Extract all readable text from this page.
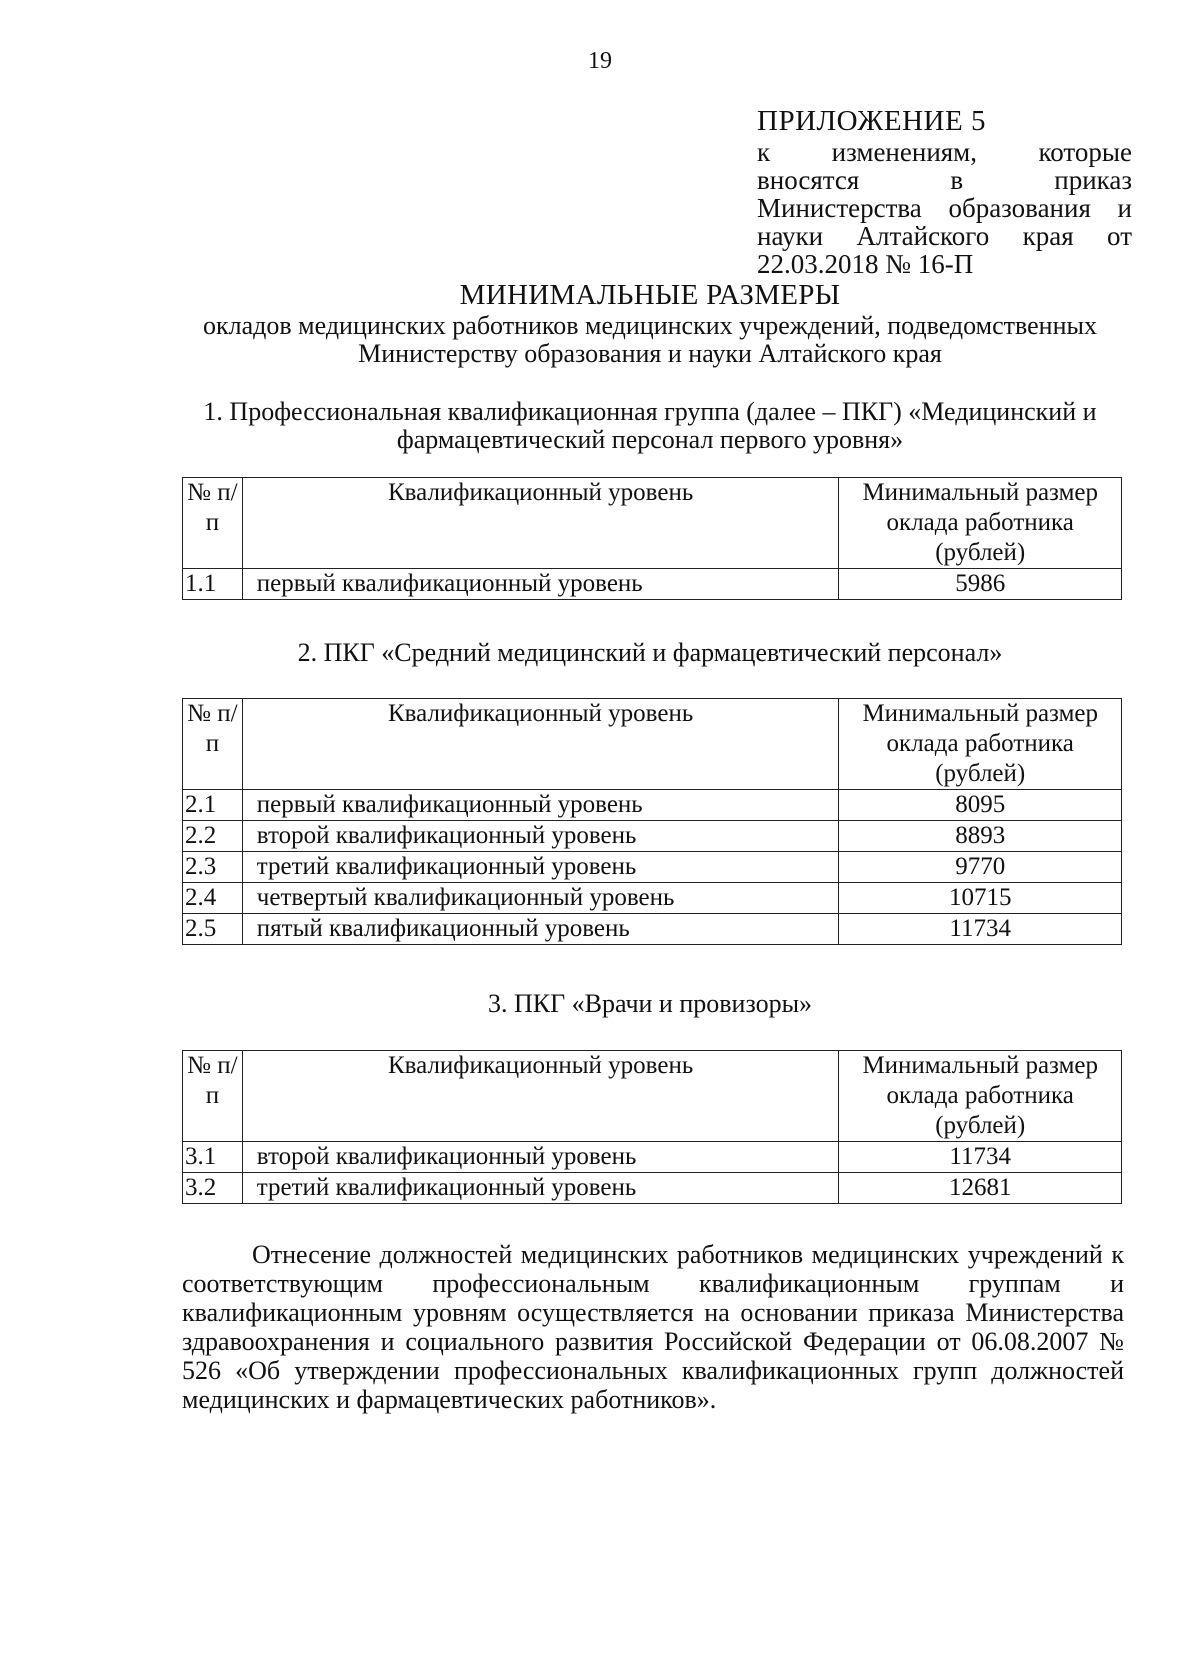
19
ПРИЛОЖЕНИЕ 5
к изменениям, которые
вносятся в приказ
Министерства образования и
науки Алтайского края от
22.03.2018 № 16-П
МИНИМАЛЬНЫЕ РАЗМЕРЫ
окладов медицинских работников медицинских учреждений, подведомственных Министерству образования и науки Алтайского края
1. Профессиональная квалификационная группа (далее – ПКГ) «Медицинский и фармацевтический персонал первого уровня»
№ п/п	Квалификационный уровень	Минимальный размер оклада работника (рублей)
1.1	первый квалификационный уровень	5986
2. ПКГ «Средний медицинский и фармацевтический персонал»
№ п/п	Квалификационный уровень	Минимальный размер оклада работника (рублей)
2.1	первый квалификационный уровень	8095
2.2	второй квалификационный уровень	8893
2.3	третий квалификационный уровень	9770
2.4	четвертый квалификационный уровень	10715
2.5	пятый квалификационный уровень	11734
3. ПКГ «Врачи и провизоры»
№ п/п	Квалификационный уровень	Минимальный размер оклада работника (рублей)
3.1	второй квалификационный уровень	11734
3.2	третий квалификационный уровень	12681
Отнесение должностей медицинских работников медицинских учреждений к соответствующим профессиональным квалификационным группам и квалификационным уровням осуществляется на основании приказа Министерства здравоохранения и социального развития Российской Федерации от 06.08.2007 № 526 «Об утверждении профессиональных квалификационных групп должностей медицинских и фармацевтических работников».
